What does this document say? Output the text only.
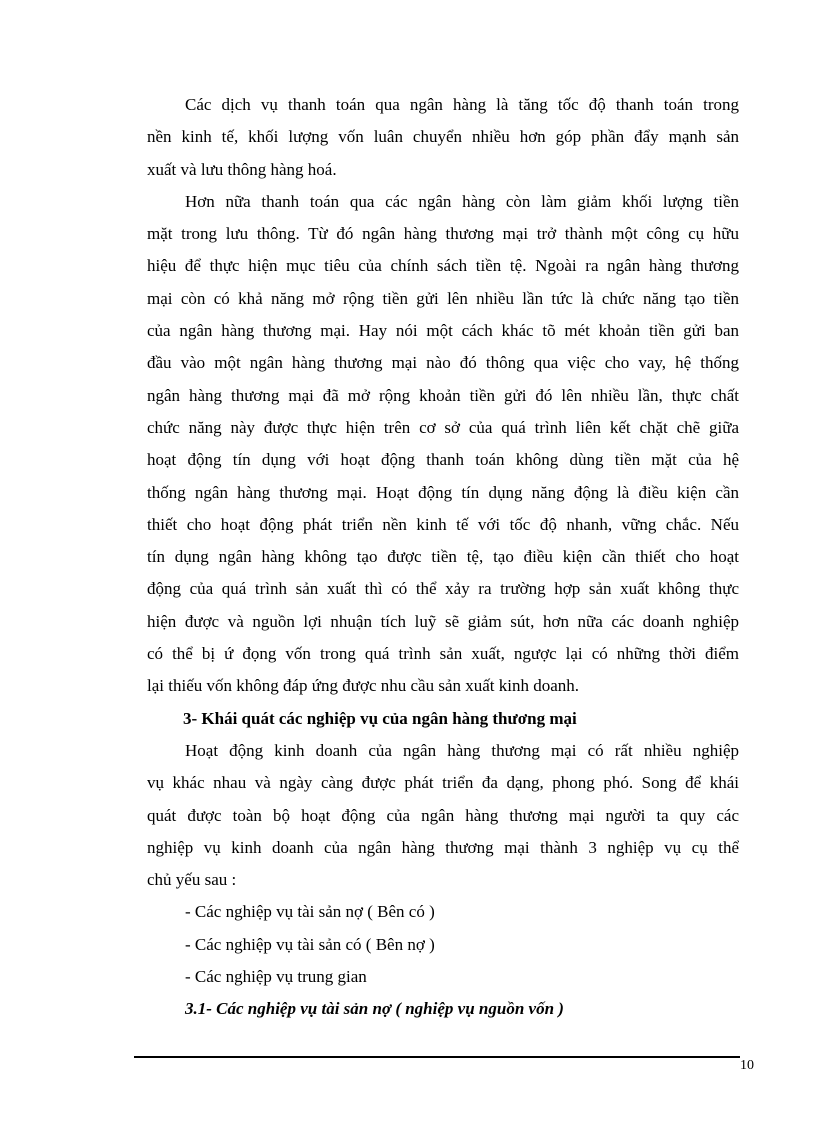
Các dịch vụ thanh toán qua ngân hàng là tăng tốc độ thanh toán trong
nền kinh tế, khối lượng vốn luân chuyển nhiều hơn góp phần đẩy mạnh sản
xuất và lưu thông hàng hoá.
Hơn nữa thanh toán qua các ngân hàng còn làm giảm khối lượng tiền
mặt trong lưu thông. Từ đó ngân hàng thương mại trở thành một công cụ hữu
hiệu để thực hiện mục tiêu của chính sách tiền tệ. Ngoài ra ngân hàng thương
mại còn có khả năng mở rộng tiền gửi lên nhiều lần tức là chức năng tạo tiền
của ngân hàng thương mại. Hay nói một cách khác tõ mét khoản tiền gửi ban
đầu vào một ngân hàng thương mại nào đó thông qua việc cho vay, hệ thống
ngân hàng thương mại đã mở rộng khoản tiền gửi đó lên nhiều lần, thực chất
chức năng này được thực hiện trên cơ sở của quá trình liên kết chặt chẽ giữa
hoạt động tín dụng với hoạt động thanh toán không dùng tiền mặt của hệ
thống ngân hàng thương mại. Hoạt động tín dụng năng động là điều kiện cần
thiết cho hoạt động phát triển nền kinh tế với tốc độ nhanh, vững chắc. Nếu
tín dụng ngân hàng không tạo được tiền tệ, tạo điều kiện cần thiết cho hoạt
động của quá trình sản xuất thì có thể xảy ra trường hợp sản xuất không thực
hiện được và nguồn lợi nhuận tích luỹ sẽ giảm sút, hơn nữa các doanh nghiệp
có thể bị ứ đọng vốn trong quá trình sản xuất, ngược lại có những thời điểm
lại thiếu vốn không đáp ứng được nhu cầu sản xuất kinh doanh.
3- Khái quát các nghiệp vụ của ngân hàng thương mại
Hoạt động kinh doanh của ngân hàng thương mại có rất nhiều nghiệp
vụ khác nhau và ngày càng được phát triển đa dạng, phong phó. Song để khái
quát được toàn bộ hoạt động của ngân hàng thương mại người ta quy các
nghiệp vụ kinh doanh của ngân hàng thương mại thành 3 nghiệp vụ cụ thể
chủ yếu sau :
- Các nghiệp vụ tài sản nợ ( Bên có )
- Các nghiệp vụ tài sản có ( Bên nợ )
- Các nghiệp vụ trung gian
3.1- Các nghiệp vụ tài sản nợ ( nghiệp vụ nguồn vốn )
10
